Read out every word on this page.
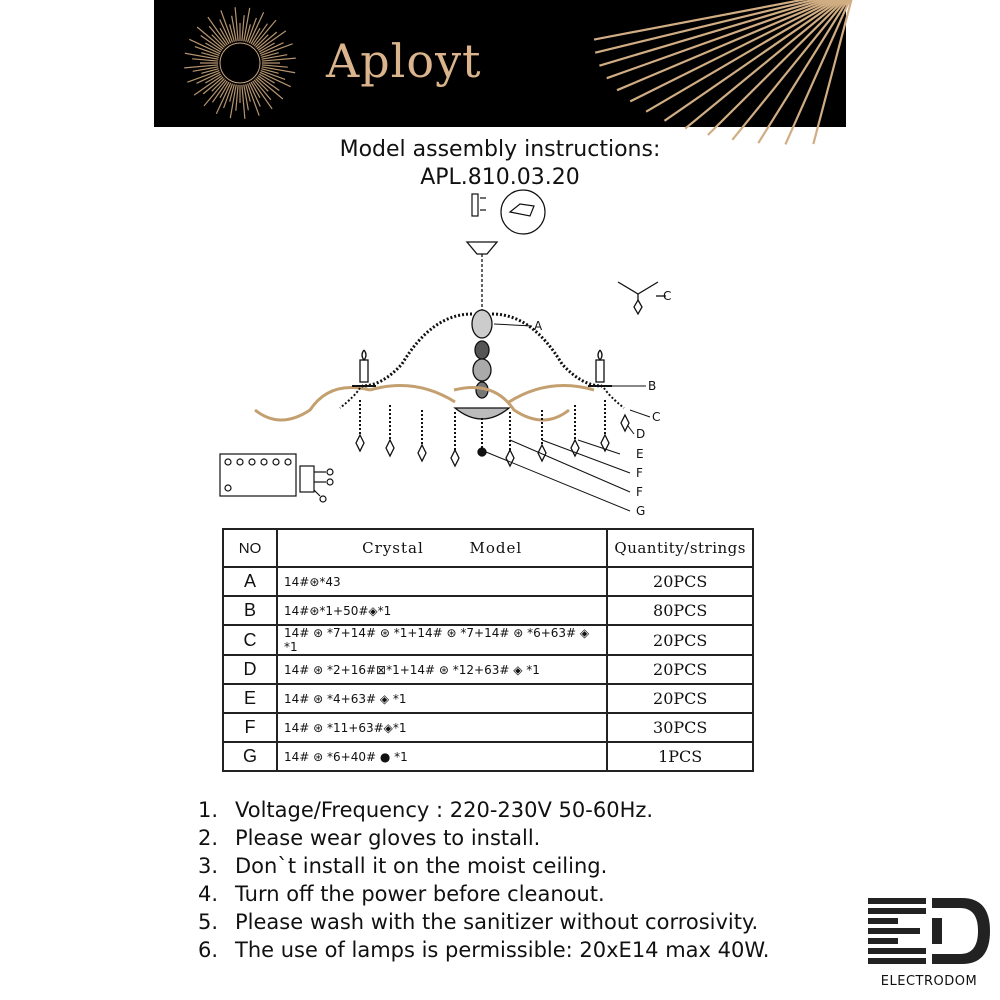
Aployt
Model assembly instructions:
APL.810.03.20
A
B
C
C
D
E
F
F
G
NO	Crystal Model	Quantity/strings
A	14#⊛*43	20PCS
B	14#⊛*1+50#◈*1	80PCS
C	14# ⊛ *7+14# ⊛ *1+14# ⊛ *7+14# ⊛ *6+63# ◈ *1	20PCS
D	14# ⊛ *2+16#⊠*1+14# ⊛ *12+63# ◈ *1	20PCS
E	14# ⊛ *4+63# ◈ *1	20PCS
F	14# ⊛ *11+63#◈*1	30PCS
G	14# ⊛ *6+40# ● *1	1PCS
1. Voltage/Frequency : 220-230V 50-60Hz.
2. Please wear gloves to install.
3. Don`t install it on the moist ceiling.
4. Turn off the power before cleanout.
5. Please wash with the sanitizer without corrosivity.
6. The use of lamps is permissible: 20xE14 max 40W.
ELECTRODOM
